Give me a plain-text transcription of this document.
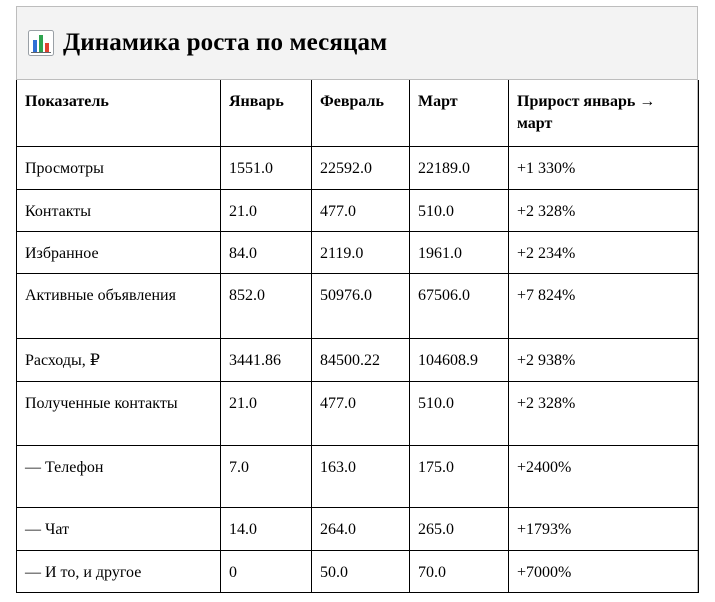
Динамика роста по месяцам
Показатель	Январь	Февраль	Март	Прирост январь → март
Просмотры	1551.0	22592.0	22189.0	+1 330%
Контакты	21.0	477.0	510.0	+2 328%
Избранное	84.0	2119.0	1961.0	+2 234%
Активные объявления	852.0	50976.0	67506.0	+7 824%
Расходы, ₽	3441.86	84500.22	104608.9	+2 938%
Полученные контакты	21.0	477.0	510.0	+2 328%
— Телефон	7.0	163.0	175.0	+2400%
— Чат	14.0	264.0	265.0	+1793%
— И то, и другое	0	50.0	70.0	+7000%
